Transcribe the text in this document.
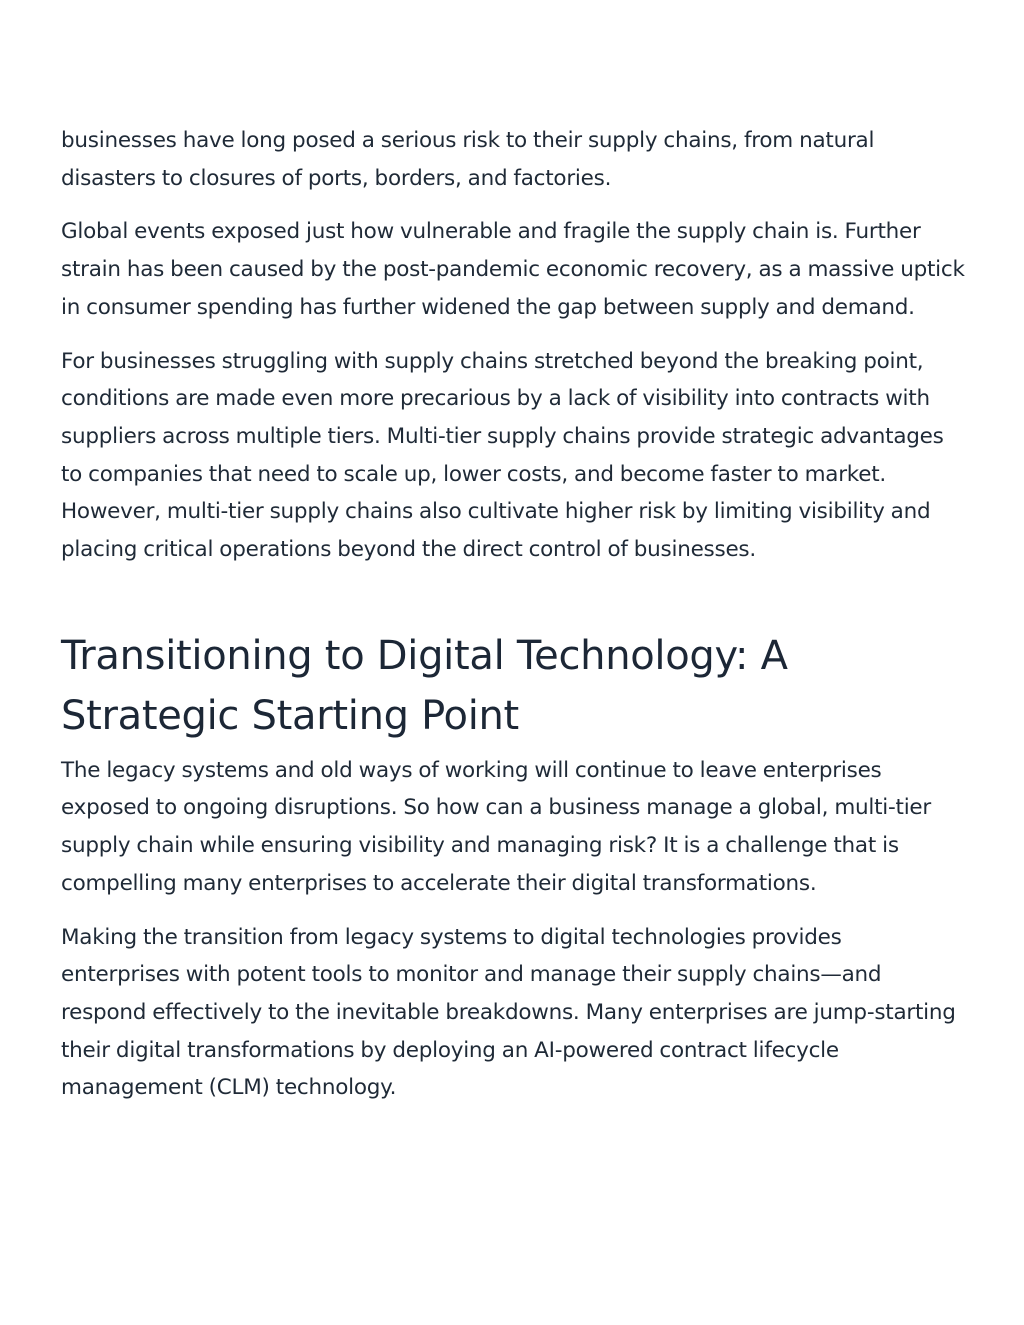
businesses have long posed a serious risk to their supply chains, from natural disasters to closures of ports, borders, and factories.

Global events exposed just how vulnerable and fragile the supply chain is. Further strain has been caused by the post-pandemic economic recovery, as a massive uptick in consumer spending has further widened the gap between supply and demand.

For businesses struggling with supply chains stretched beyond the breaking point, conditions are made even more precarious by a lack of visibility into contracts with suppliers across multiple tiers. Multi-tier supply chains provide strategic advantages to companies that need to scale up, lower costs, and become faster to market. However, multi-tier supply chains also cultivate higher risk by limiting visibility and placing critical operations beyond the direct control of businesses.

Transitioning to Digital Technology: A Strategic Starting Point

The legacy systems and old ways of working will continue to leave enterprises exposed to ongoing disruptions. So how can a business manage a global, multi-tier supply chain while ensuring visibility and managing risk? It is a challenge that is compelling many enterprises to accelerate their digital transformations.

Making the transition from legacy systems to digital technologies provides enterprises with potent tools to monitor and manage their supply chains—and respond effectively to the inevitable breakdowns. Many enterprises are jump-starting their digital transformations by deploying an AI-powered contract lifecycle management (CLM) technology.
